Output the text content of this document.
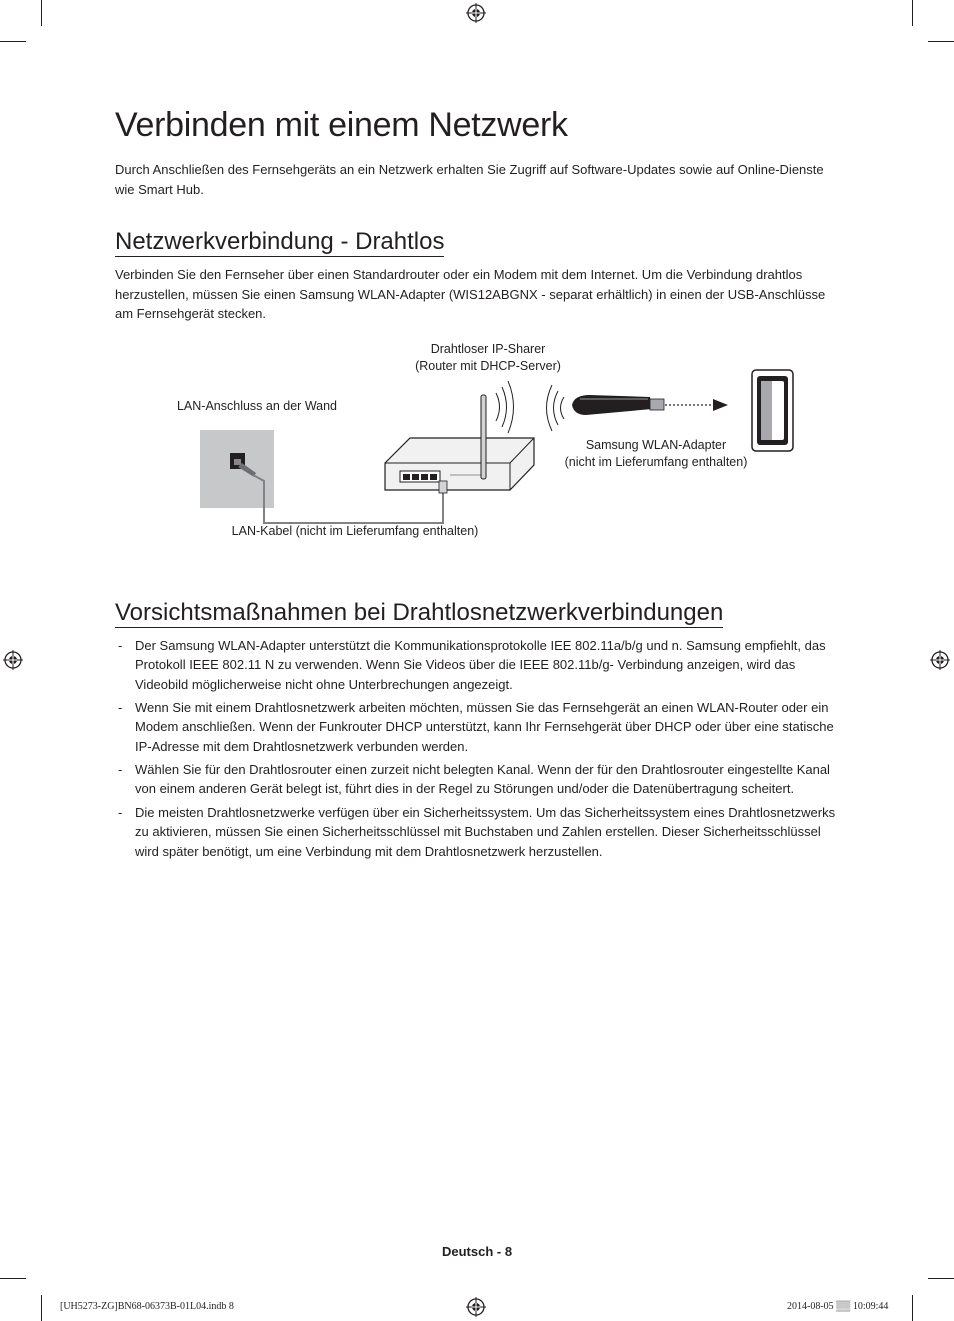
Verbinden mit einem Netzwerk

Durch Anschließen des Fernsehgeräts an ein Netzwerk erhalten Sie Zugriff auf Software-Updates sowie auf Online-Dienste wie Smart Hub.

Netzwerkverbindung - Drahtlos

Verbinden Sie den Fernseher über einen Standardrouter oder ein Modem mit dem Internet. Um die Verbindung drahtlos herzustellen, müssen Sie einen Samsung WLAN-Adapter (WIS12ABGNX - separat erhältlich) in einen der USB-Anschlüsse am Fernsehgerät stecken.

Drahtloser IP-Sharer
(Router mit DHCP-Server)
LAN-Anschluss an der Wand
Samsung WLAN-Adapter
(nicht im Lieferumfang enthalten)
LAN-Kabel (nicht im Lieferumfang enthalten)
Vorsichtsmaßnahmen bei Drahtlosnetzwerkverbindungen
- Der Samsung WLAN-Adapter unterstützt die Kommunikationsprotokolle IEE 802.11a/b/g und n. Samsung empfiehlt, das Protokoll IEEE 802.11 N zu verwenden. Wenn Sie Videos über die IEEE 802.11b/g- Verbindung anzeigen, wird das Videobild möglicherweise nicht ohne Unterbrechungen angezeigt.
- Wenn Sie mit einem Drahtlosnetzwerk arbeiten möchten, müssen Sie das Fernsehgerät an einen WLAN-Router oder ein Modem anschließen. Wenn der Funkrouter DHCP unterstützt, kann Ihr Fernsehgerät über DHCP oder über eine statische IP-Adresse mit dem Drahtlosnetzwerk verbunden werden.
- Wählen Sie für den Drahtlosrouter einen zurzeit nicht belegten Kanal. Wenn der für den Drahtlosrouter eingestellte Kanal von einem anderen Gerät belegt ist, führt dies in der Regel zu Störungen und/oder die Datenübertragung scheitert.
- Die meisten Drahtlosnetzwerke verfügen über ein Sicherheitssystem. Um das Sicherheitssystem eines Drahtlosnetzwerks zu aktivieren, müssen Sie einen Sicherheitsschlüssel mit Buchstaben und Zahlen erstellen. Dieser Sicherheitsschlüssel wird später benötigt, um eine Verbindung mit dem Drahtlosnetzwerk herzustellen.
Deutsch - 8
[UH5273-ZG]BN68-06373B-01L04.indb 8	2014-08-05 ▒▒ 10:09:44
